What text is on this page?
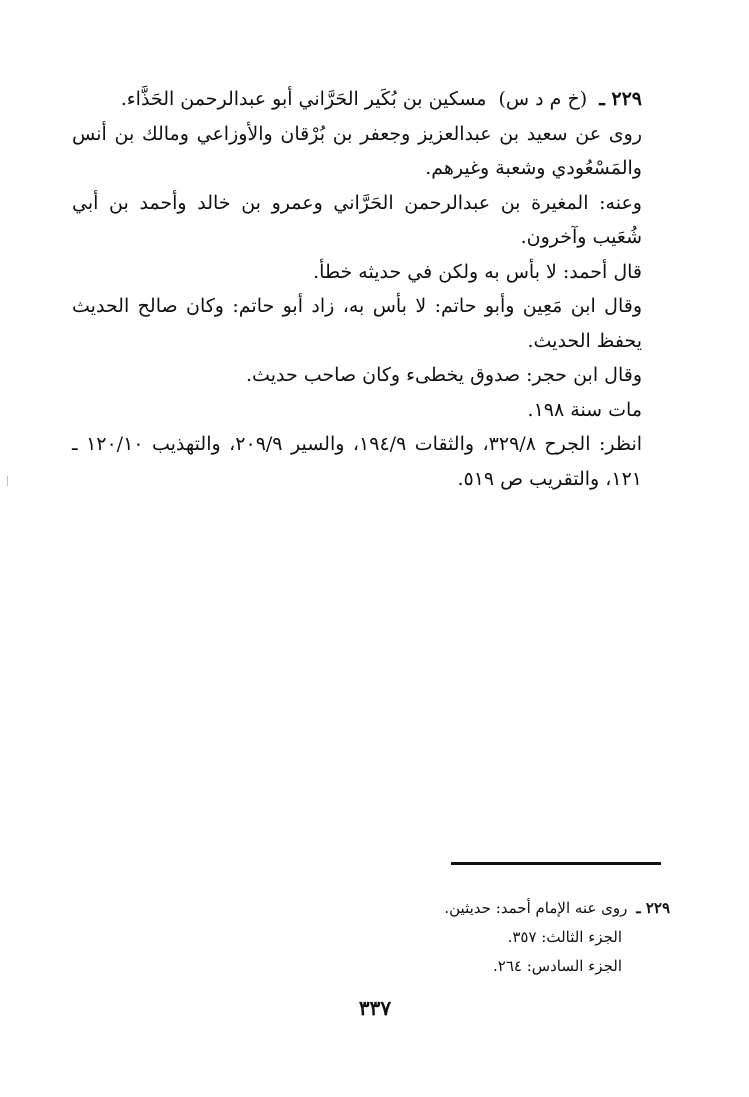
٢٢٩ ـ (خ م د س) مسكين بن بُكَير الحَرَّاني أبو عبدالرحمن الحَذَّاء.

روى عن سعيد بن عبدالعزيز وجعفر بن بُرْقان والأوزاعي ومالك بن أنس والمَسْعُودي وشعبة وغيرهم.

وعنه: المغيرة بن عبدالرحمن الحَرَّاني وعمرو بن خالد وأحمد بن أبي شُعَيب وآخرون.

قال أحمد: لا بأس به ولكن في حديثه خطأ.

وقال ابن مَعِين وأبو حاتم: لا بأس به، زاد أبو حاتم: وكان صالح الحديث يحفظ الحديث.

وقال ابن حجر: صدوق يخطىء وكان صاحب حديث.

مات سنة ١٩٨.

انظر: الجرح ٣٢٩/٨، والثقات ١٩٤/٩، والسير ٢٠٩/٩، والتهذيب ١٢٠/١٠ ـ ١٢١، والتقريب ص ٥١٩.

٢٢٩ ـ روى عنه الإمام أحمد: حديثين.

الجزء الثالث: ٣٥٧.

الجزء السادس: ٢٦٤.

٣٣٧
